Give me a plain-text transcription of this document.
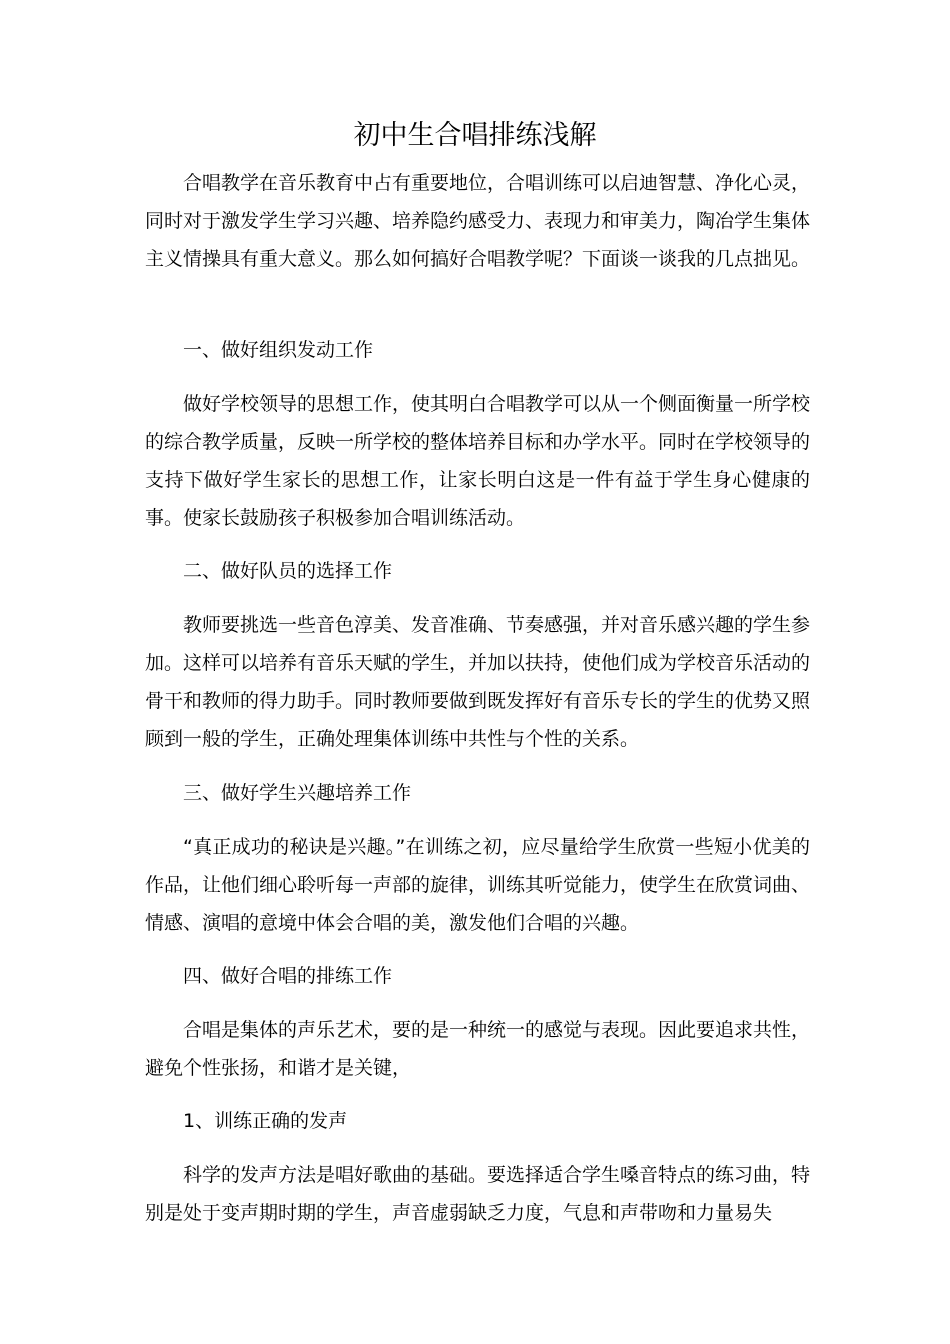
初中生合唱排练浅解

合唱教学在音乐教育中占有重要地位，合唱训练可以启迪智慧、净化心灵，同时对于激发学生学习兴趣、培养隐约感受力、表现力和审美力，陶冶学生集体主义情操具有重大意义。那么如何搞好合唱教学呢？下面谈一谈我的几点拙见。

一、做好组织发动工作

做好学校领导的思想工作，使其明白合唱教学可以从一个侧面衡量一所学校的综合教学质量，反映一所学校的整体培养目标和办学水平。同时在学校领导的支持下做好学生家长的思想工作，让家长明白这是一件有益于学生身心健康的事。使家长鼓励孩子积极参加合唱训练活动。

二、做好队员的选择工作

教师要挑选一些音色淳美、发音准确、节奏感强，并对音乐感兴趣的学生参加。这样可以培养有音乐天赋的学生，并加以扶持，使他们成为学校音乐活动的骨干和教师的得力助手。同时教师要做到既发挥好有音乐专长的学生的优势又照顾到一般的学生，正确处理集体训练中共性与个性的关系。

三、做好学生兴趣培养工作

“真正成功的秘诀是兴趣。”在训练之初，应尽量给学生欣赏一些短小优美的作品，让他们细心聆听每一声部的旋律，训练其听觉能力，使学生在欣赏词曲、情感、演唱的意境中体会合唱的美，激发他们合唱的兴趣。

四、做好合唱的排练工作

合唱是集体的声乐艺术，要的是一种统一的感觉与表现。因此要追求共性，避免个性张扬，和谐才是关键，

1、训练正确的发声

科学的发声方法是唱好歌曲的基础。要选择适合学生嗓音特点的练习曲，特别是处于变声期时期的学生，声音虚弱缺乏力度，气息和声带吻和力量易失
